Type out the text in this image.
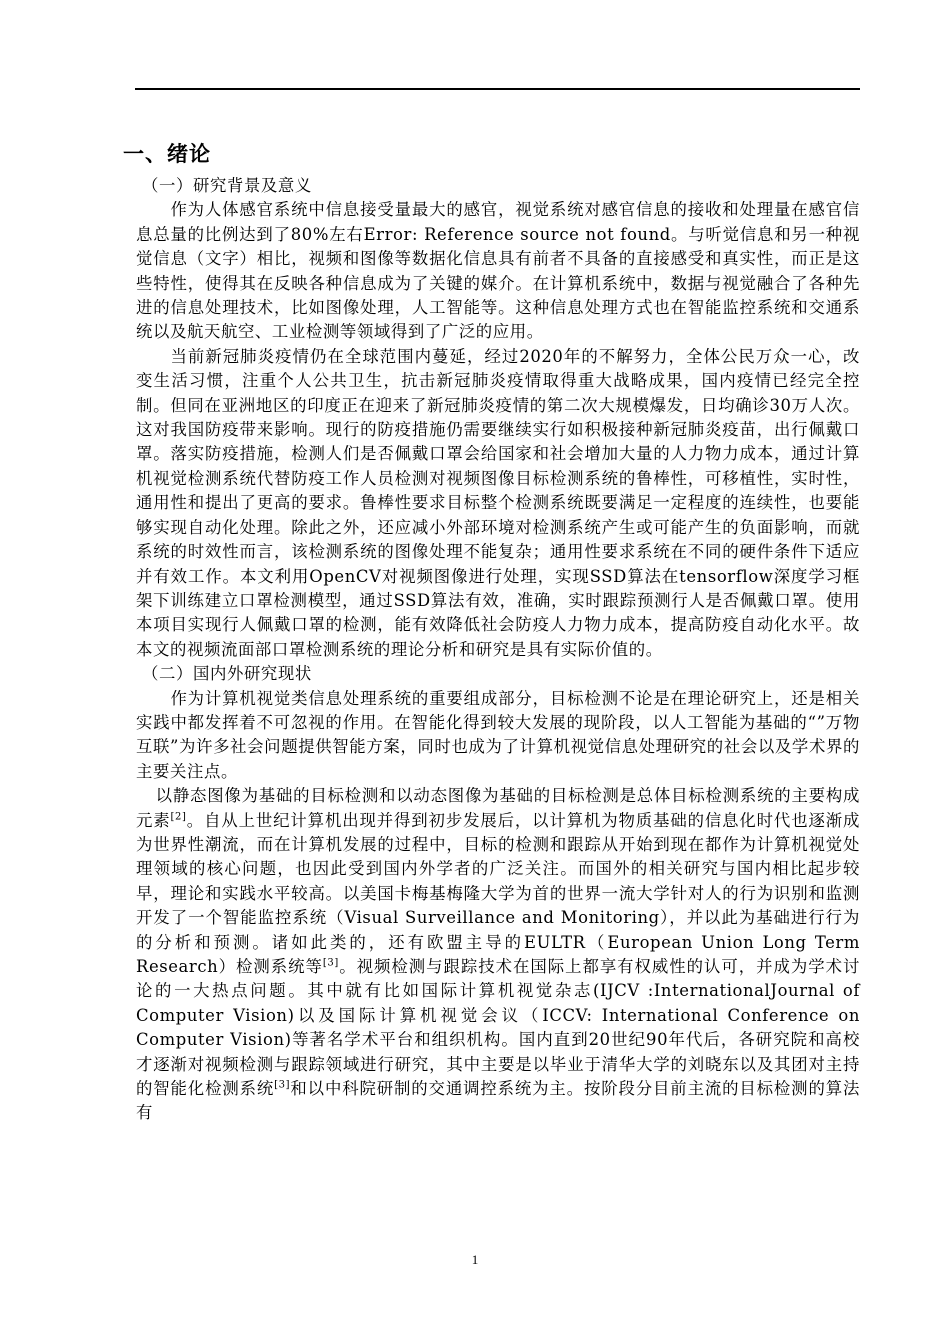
一、绪论

（一）研究背景及意义

作为人体感官系统中信息接受量最大的感官，视觉系统对感官信息的接收和处理量在感官信息总量的比例达到了80%左右Error: Reference source not found。与听觉信息和另一种视觉信息（文字）相比，视频和图像等数据化信息具有前者不具备的直接感受和真实性，而正是这些特性，使得其在反映各种信息成为了关键的媒介。在计算机系统中，数据与视觉融合了各种先进的信息处理技术，比如图像处理，人工智能等。这种信息处理方式也在智能监控系统和交通系统以及航天航空、工业检测等领域得到了广泛的应用。

当前新冠肺炎疫情仍在全球范围内蔓延，经过2020年的不解努力，全体公民万众一心，改变生活习惯，注重个人公共卫生，抗击新冠肺炎疫情取得重大战略成果，国内疫情已经完全控制。但同在亚洲地区的印度正在迎来了新冠肺炎疫情的第二次大规模爆发，日均确诊30万人次。这对我国防疫带来影响。现行的防疫措施仍需要继续实行如积极接种新冠肺炎疫苗，出行佩戴口罩。落实防疫措施，检测人们是否佩戴口罩会给国家和社会增加大量的人力物力成本，通过计算机视觉检测系统代替防疫工作人员检测对视频图像目标检测系统的鲁棒性，可移植性，实时性，通用性和提出了更高的要求。鲁棒性要求目标整个检测系统既要满足一定程度的连续性，也要能够实现自动化处理。除此之外，还应减小外部环境对检测系统产生或可能产生的负面影响，而就系统的时效性而言，该检测系统的图像处理不能复杂；通用性要求系统在不同的硬件条件下适应并有效工作。本文利用OpenCV对视频图像进行处理，实现SSD算法在tensorflow深度学习框架下训练建立口罩检测模型，通过SSD算法有效，准确，实时跟踪预测行人是否佩戴口罩。使用本项目实现行人佩戴口罩的检测，能有效降低社会防疫人力物力成本，提高防疫自动化水平。故本文的视频流面部口罩检测系统的理论分析和研究是具有实际价值的。

（二）国内外研究现状

作为计算机视觉类信息处理系统的重要组成部分，目标检测不论是在理论研究上，还是相关实践中都发挥着不可忽视的作用。在智能化得到较大发展的现阶段，以人工智能为基础的“”万物互联”为许多社会问题提供智能方案，同时也成为了计算机视觉信息处理研究的社会以及学术界的主要关注点。

以静态图像为基础的目标检测和以动态图像为基础的目标检测是总体目标检测系统的主要构成元素[2]。自从上世纪计算机出现并得到初步发展后，以计算机为物质基础的信息化时代也逐渐成为世界性潮流，而在计算机发展的过程中，目标的检测和跟踪从开始到现在都作为计算机视觉处理领域的核心问题，也因此受到国内外学者的广泛关注。而国外的相关研究与国内相比起步较早，理论和实践水平较高。以美国卡梅基梅隆大学为首的世界一流大学针对人的行为识别和监测开发了一个智能监控系统（Visual Surveillance and Monitoring），并以此为基础进行行为的分析和预测。诸如此类的，还有欧盟主导的EULTR（European Union Long Term Research）检测系统等[3]。视频检测与跟踪技术在国际上都享有权威性的认可，并成为学术讨论的一大热点问题。其中就有比如国际计算机视觉杂志(IJCV :InternationalJournal of Computer Vision)以及国际计算机视觉会议（ICCV: International Conference on Computer Vision)等著名学术平台和组织机构。国内直到20世纪90年代后，各研究院和高校才逐渐对视频检测与跟踪领域进行研究，其中主要是以毕业于清华大学的刘晓东以及其团对主持的智能化检测系统[3]和以中科院研制的交通调控系统为主。按阶段分目前主流的目标检测的算法有

1
